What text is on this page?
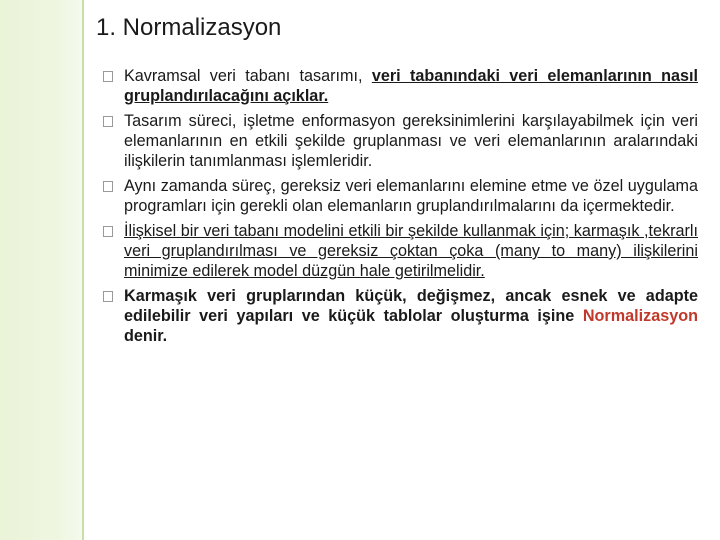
1. Normalizasyon
Kavramsal veri tabanı tasarımı, veri tabanındaki veri elemanlarının nasıl gruplandırılacağını açıklar.
Tasarım süreci, işletme enformasyon gereksinimlerini karşılayabilmek için veri elemanlarının en etkili şekilde gruplanması ve veri elemanlarının aralarındaki ilişkilerin tanımlanması işlemleridir.
Aynı zamanda süreç, gereksiz veri elemanlarını elemine etme ve özel uygulama programları için gerekli olan elemanların gruplandırılmalarını da içermektedir.
İlişkisel bir veri tabanı modelini etkili bir şekilde kullanmak için; karmaşık ,tekrarlı veri gruplandırılması ve gereksiz çoktan çoka (many to many) ilişkilerini minimize edilerek model düzgün hale getirilmelidir.
Karmaşık veri gruplarından küçük, değişmez, ancak esnek ve adapte edilebilir veri yapıları ve küçük tablolar oluşturma işine Normalizasyon denir.
